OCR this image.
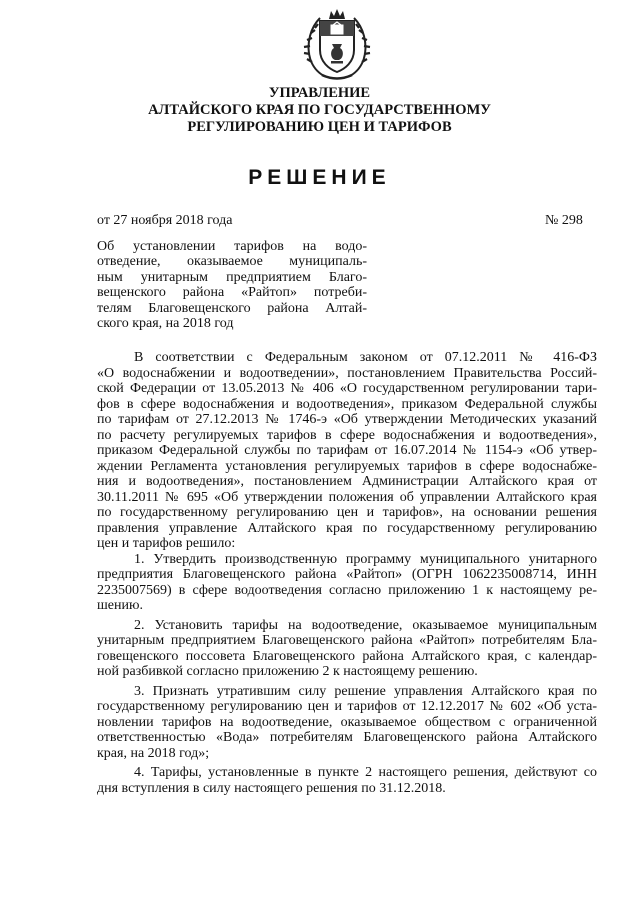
УПРАВЛЕНИЕ
АЛТАЙСКОГО КРАЯ ПО ГОСУДАРСТВЕННОМУ
РЕГУЛИРОВАНИЮ ЦЕН И ТАРИФОВ
РЕШЕНИЕ
от 27 ноября 2018 года	№ 298
Об установлении тарифов на водо-
отведение, оказываемое муниципаль-
ным унитарным предприятием Благо-
вещенского района «Райтоп» потреби-
телям Благовещенского района Алтай-
ского края, на 2018 год
В соответствии с Федеральным законом от 07.12.2011 № 416-ФЗ
«О водоснабжении и водоотведении», постановлением Правительства Россий-
ской Федерации от 13.05.2013 № 406 «О государственном регулировании тари-
фов в сфере водоснабжения и водоотведения», приказом Федеральной службы
по тарифам от 27.12.2013 № 1746-э «Об утверждении Методических указаний
по расчету регулируемых тарифов в сфере водоснабжения и водоотведения»,
приказом Федеральной службы по тарифам от 16.07.2014 № 1154-э «Об утвер-
ждении Регламента установления регулируемых тарифов в сфере водоснабже-
ния и водоотведения», постановлением Администрации Алтайского края от
30.11.2011 № 695 «Об утверждении положения об управлении Алтайского края
по государственному регулированию цен и тарифов», на основании решения
правления управление Алтайского края по государственному регулированию
цен и тарифов решило:
1. Утвердить производственную программу муниципального унитарного
предприятия Благовещенского района «Райтоп» (ОГРН 1062235008714, ИНН
2235007569) в сфере водоотведения согласно приложению 1 к настоящему ре-
шению.
2. Установить тарифы на водоотведение, оказываемое муниципальным
унитарным предприятием Благовещенского района «Райтоп» потребителям Бла-
говещенского поссовета Благовещенского района Алтайского края, с календар-
ной разбивкой согласно приложению 2 к настоящему решению.
3. Признать утратившим силу решение управления Алтайского края по
государственному регулированию цен и тарифов от 12.12.2017 № 602 «Об уста-
новлении тарифов на водоотведение, оказываемое обществом с ограниченной
ответственностью «Вода» потребителям Благовещенского района Алтайского
края, на 2018 год»;
4. Тарифы, установленные в пункте 2 настоящего решения, действуют со
дня вступления в силу настоящего решения по 31.12.2018.
